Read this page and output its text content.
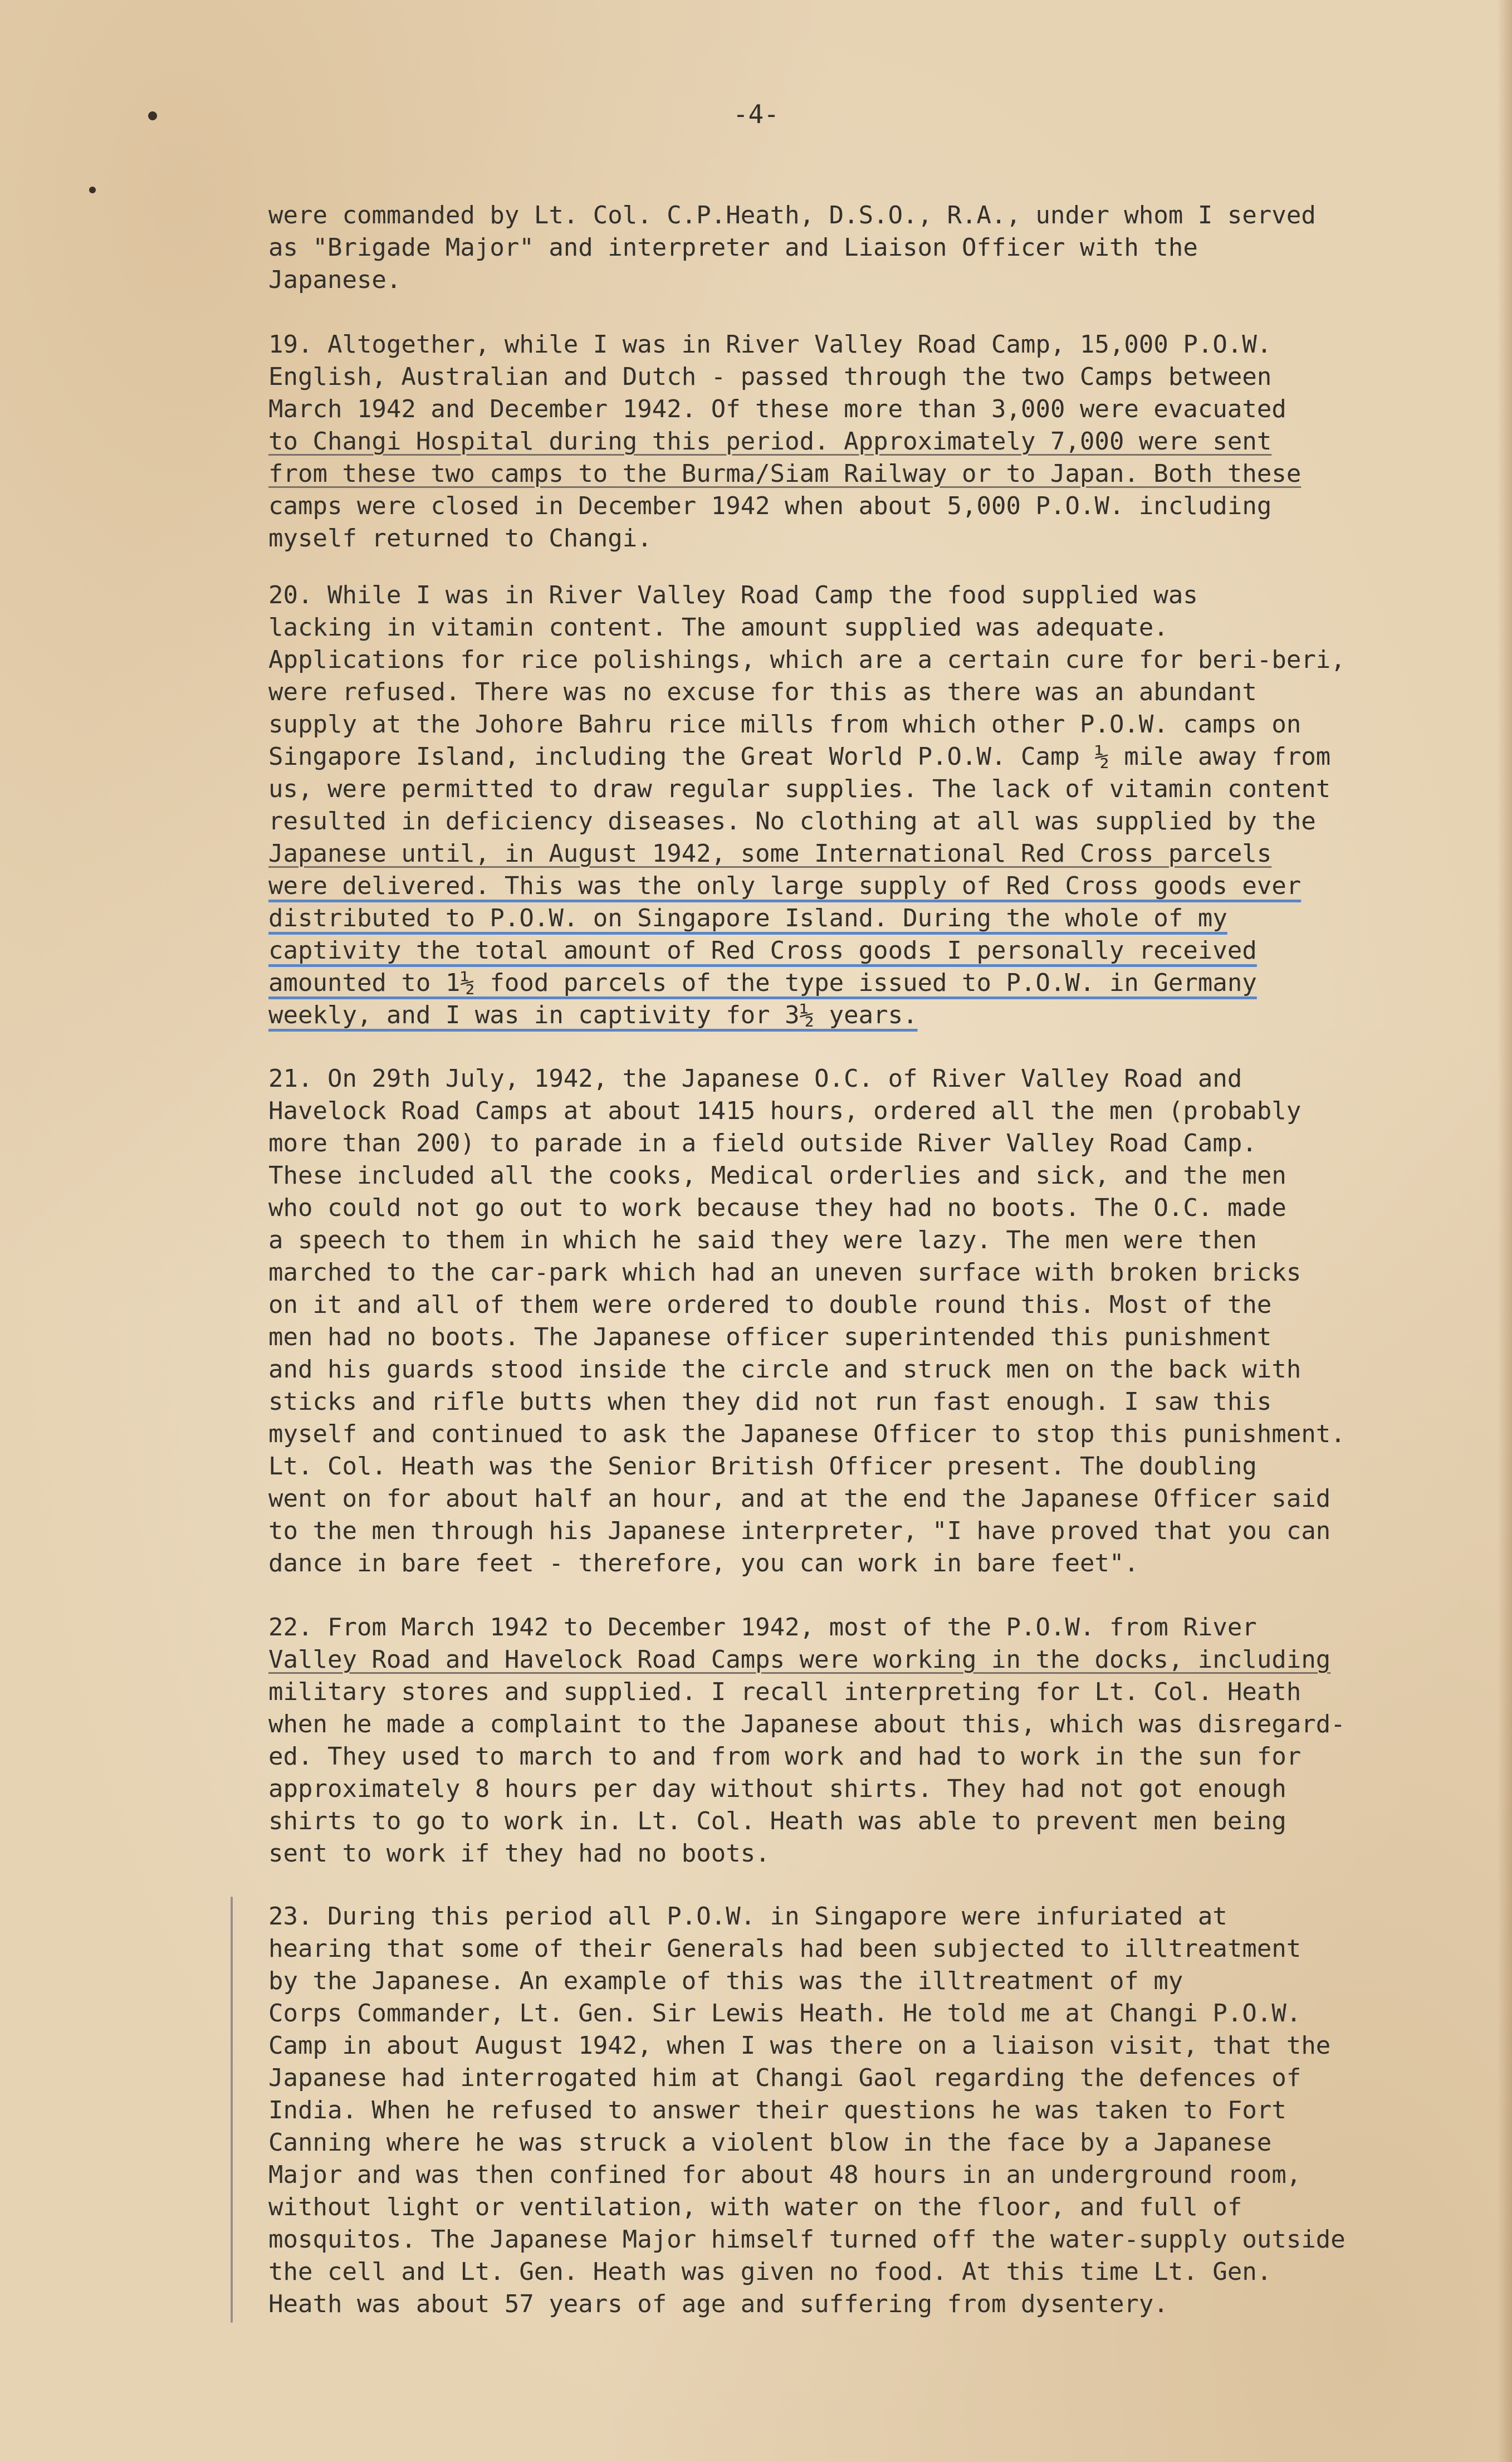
-4-
were commanded by Lt. Col. C.P.Heath, D.S.O., R.A., under whom I served
as "Brigade Major" and interpreter and Liaison Officer with the
Japanese.
19. Altogether, while I was in River Valley Road Camp, 15,000 P.O.W.
English, Australian and Dutch - passed through the two Camps between
March 1942 and December 1942. Of these more than 3,000 were evacuated
to Changi Hospital during this period. Approximately 7,000 were sent
from these two camps to the Burma/Siam Railway or to Japan. Both these
camps were closed in December 1942 when about 5,000 P.O.W. including
myself returned to Changi.
20. While I was in River Valley Road Camp the food supplied was
lacking in vitamin content. The amount supplied was adequate.
Applications for rice polishings, which are a certain cure for beri-beri,
were refused. There was no excuse for this as there was an abundant
supply at the Johore Bahru rice mills from which other P.O.W. camps on
Singapore Island, including the Great World P.O.W. Camp ½ mile away from
us, were permitted to draw regular supplies. The lack of vitamin content
resulted in deficiency diseases. No clothing at all was supplied by the
Japanese until, in August 1942, some International Red Cross parcels
were delivered. This was the only large supply of Red Cross goods ever
distributed to P.O.W. on Singapore Island. During the whole of my
captivity the total amount of Red Cross goods I personally received
amounted to 1½ food parcels of the type issued to P.O.W. in Germany
weekly, and I was in captivity for 3½ years.
21. On 29th July, 1942, the Japanese O.C. of River Valley Road and
Havelock Road Camps at about 1415 hours, ordered all the men (probably
more than 200) to parade in a field outside River Valley Road Camp.
These included all the cooks, Medical orderlies and sick, and the men
who could not go out to work because they had no boots. The O.C. made
a speech to them in which he said they were lazy. The men were then
marched to the car-park which had an uneven surface with broken bricks
on it and all of them were ordered to double round this. Most of the
men had no boots. The Japanese officer superintended this punishment
and his guards stood inside the circle and struck men on the back with
sticks and rifle butts when they did not run fast enough. I saw this
myself and continued to ask the Japanese Officer to stop this punishment.
Lt. Col. Heath was the Senior British Officer present. The doubling
went on for about half an hour, and at the end the Japanese Officer said
to the men through his Japanese interpreter, "I have proved that you can
dance in bare feet - therefore, you can work in bare feet".
22. From March 1942 to December 1942, most of the P.O.W. from River
Valley Road and Havelock Road Camps were working in the docks, including
military stores and supplied. I recall interpreting for Lt. Col. Heath
when he made a complaint to the Japanese about this, which was disregard-
ed. They used to march to and from work and had to work in the sun for
approximately 8 hours per day without shirts. They had not got enough
shirts to go to work in. Lt. Col. Heath was able to prevent men being
sent to work if they had no boots.
23. During this period all P.O.W. in Singapore were infuriated at
hearing that some of their Generals had been subjected to illtreatment
by the Japanese. An example of this was the illtreatment of my
Corps Commander, Lt. Gen. Sir Lewis Heath. He told me at Changi P.O.W.
Camp in about August 1942, when I was there on a liaison visit, that the
Japanese had interrogated him at Changi Gaol regarding the defences of
India. When he refused to answer their questions he was taken to Fort
Canning where he was struck a violent blow in the face by a Japanese
Major and was then confined for about 48 hours in an underground room,
without light or ventilation, with water on the floor, and full of
mosquitos. The Japanese Major himself turned off the water-supply outside
the cell and Lt. Gen. Heath was given no food. At this time Lt. Gen.
Heath was about 57 years of age and suffering from dysentery.
